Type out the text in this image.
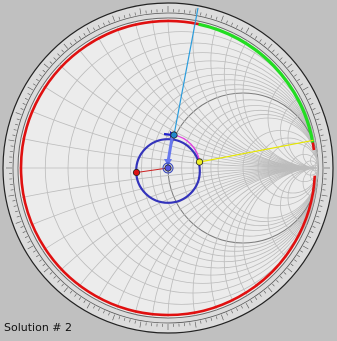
Solution # 2
